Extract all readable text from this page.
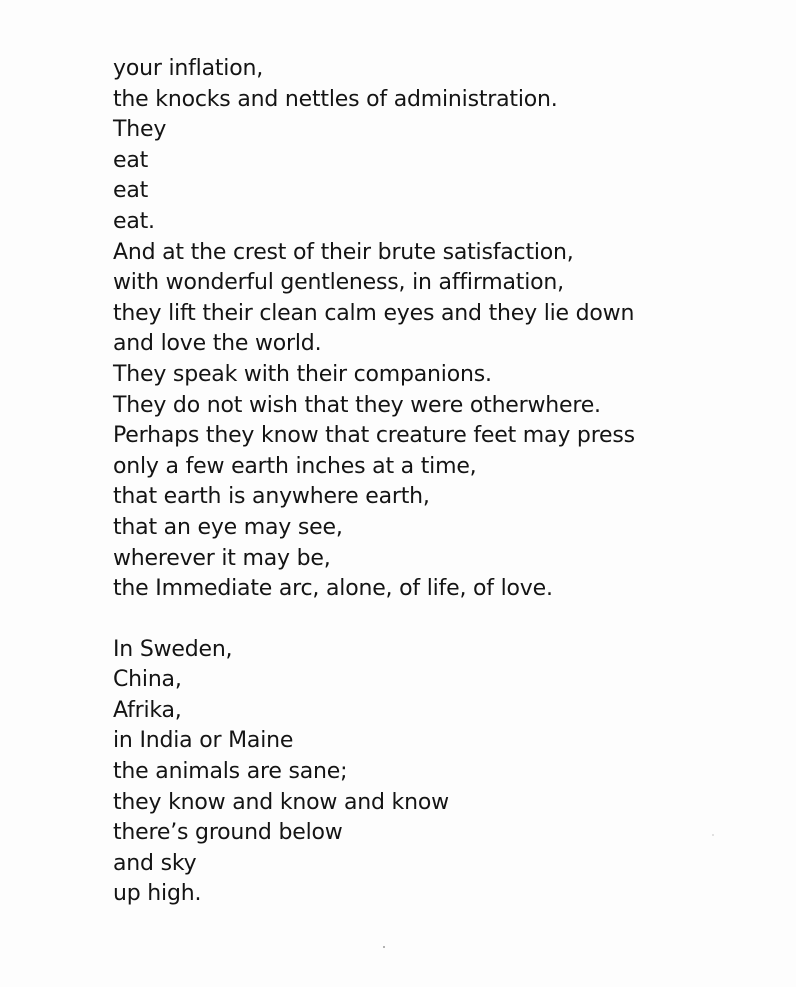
your inflation,
the knocks and nettles of administration.
They
eat
eat
eat.
And at the crest of their brute satisfaction,
with wonderful gentleness, in affirmation,
they lift their clean calm eyes and they lie down
and love the world.
They speak with their companions.
They do not wish that they were otherwhere.
Perhaps they know that creature feet may press
only a few earth inches at a time,
that earth is anywhere earth,
that an eye may see,
wherever it may be,
the Immediate arc, alone, of life, of love.
In Sweden,
China,
Afrika,
in India or Maine
the animals are sane;
they know and know and know
there’s ground below
and sky
up high.
